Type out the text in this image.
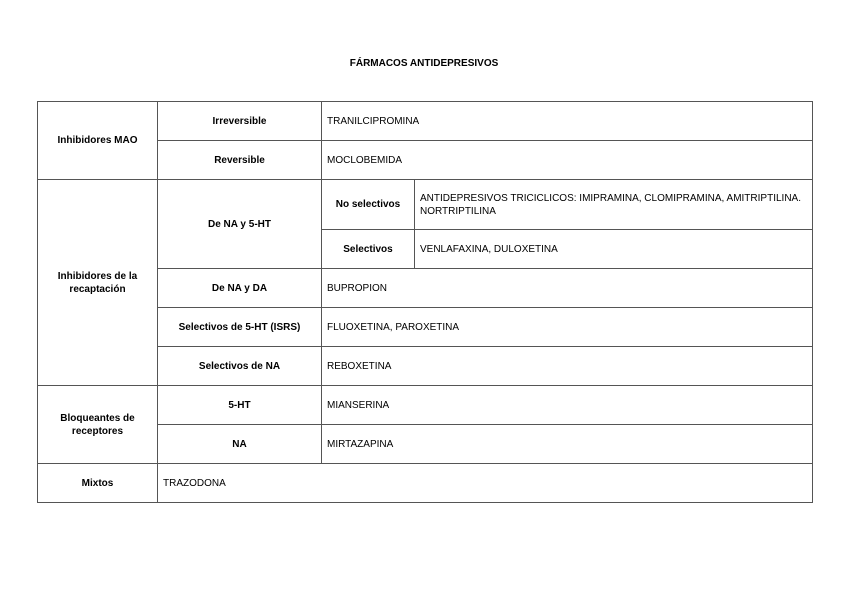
FÁRMACOS ANTIDEPRESIVOS
Inhibidores MAO	Irreversible	TRANILCIPROMINA	
	Reversible	MOCLOBEMIDA	
Inhibidores de la recaptación	De NA y 5-HT	No selectivos	ANTIDEPRESIVOS TRICICLICOS: IMIPRAMINA, CLOMIPRAMINA, AMITRIPTILINA. NORTRIPTILINA
		Selectivos	VENLAFAXINA, DULOXETINA
	De NA y DA	BUPROPION	
	Selectivos de 5-HT (ISRS)	FLUOXETINA, PAROXETINA	
	Selectivos de NA	REBOXETINA	
Bloqueantes de receptores	5-HT	MIANSERINA	
	NA	MIRTAZAPINA	
Mixtos	TRAZODONA		
